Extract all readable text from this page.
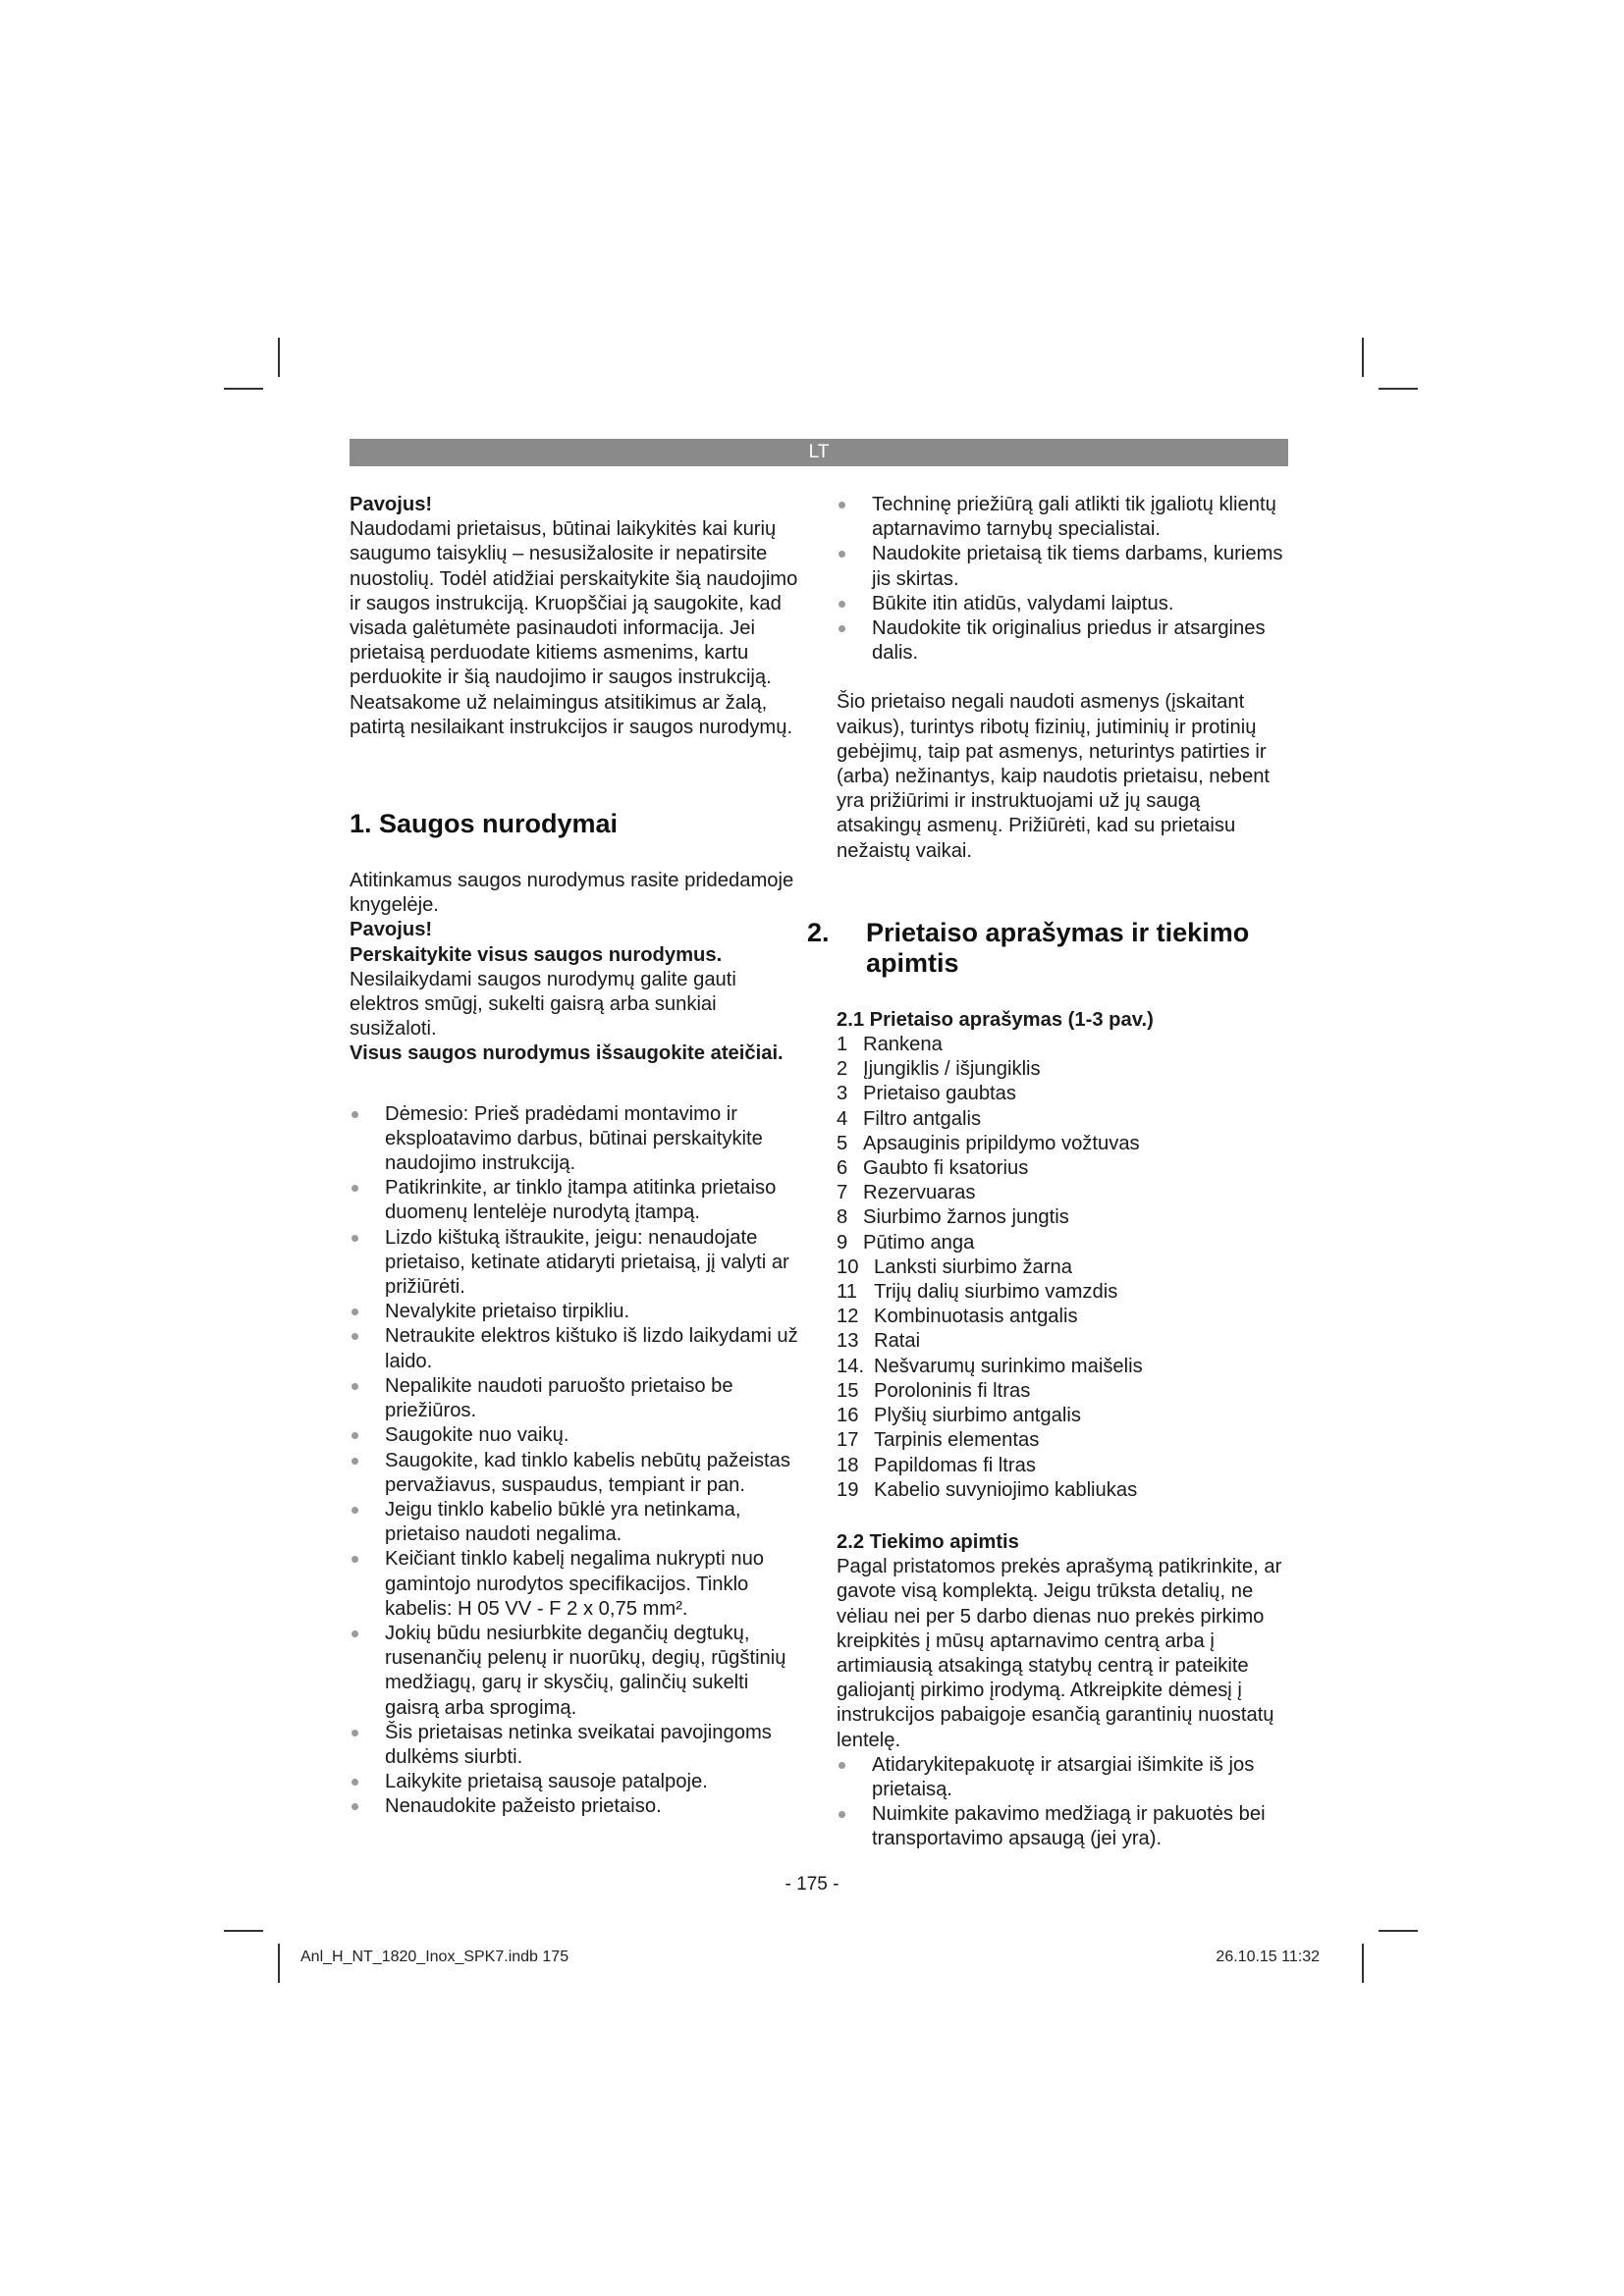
LT

Pavojus!

Naudodami prietaisus, būtinai laikykitės kai kurių saugumo taisyklių – nesusižalosite ir nepatirsite nuostolių. Todėl atidžiai perskaitykite šią naudojimo ir saugos instrukciją. Kruopščiai ją saugokite, kad visada galėtumėte pasinaudoti informacija. Jei prietaisą perduodate kitiems asmenims, kartu perduokite ir šią naudojimo ir saugos instrukciją. Neatsakome už nelaimingus atsitikimus ar žalą, patirtą nesilaikant instrukcijos ir saugos nurodymų.

1. Saugos nurodymai

Atitinkamus saugos nurodymus rasite pridedamoje knygelėje.

Pavojus!

Perskaitykite visus saugos nurodymus. Nesilaikydami saugos nurodymų galite gauti elektros smūgį, sukelti gaisrą arba sunkiai susižaloti.

Visus saugos nurodymus išsaugokite ateičiai.

Dėmesio: Prieš pradėdami montavimo ir eksploatavimo darbus, būtinai perskaitykite naudojimo instrukciją.
Patikrinkite, ar tinklo įtampa atitinka prietaiso duomenų lentelėje nurodytą įtampą.
Lizdo kištuką ištraukite, jeigu: nenaudojate prietaiso, ketinate atidaryti prietaisą, jį valyti ar prižiūrėti.
Nevalykite prietaiso tirpikliu.
Netraukite elektros kištuko iš lizdo laikydami už laido.
Nepalikite naudoti paruošto prietaiso be priežiūros.
Saugokite nuo vaikų.
Saugokite, kad tinklo kabelis nebūtų pažeistas pervažiavus, suspaudus, tempiant ir pan.
Jeigu tinklo kabelio būklė yra netinkama, prietaiso naudoti negalima.
Keičiant tinklo kabelį negalima nukrypti nuo gamintojo nurodytos specifikacijos. Tinklo kabelis: H 05 VV - F 2 x 0,75 mm².
Jokių būdu nesiurbkite degančių degtukų, rusenančių pelenų ir nuorūkų, degių, rūgštinių medžiagų, garų ir skysčių, galinčių sukelti gaisrą arba sprogimą.
Šis prietaisas netinka sveikatai pavojingoms dulkėms siurbti.
Laikykite prietaisą sausoje patalpoje.
Nenaudokite pažeisto prietaiso.
Techninę priežiūrą gali atlikti tik įgaliotų klientų aptarnavimo tarnybų specialistai.
Naudokite prietaisą tik tiems darbams, kuriems jis skirtas.
Būkite itin atidūs, valydami laiptus.
Naudokite tik originalius priedus ir atsargines dalis.

Šio prietaiso negali naudoti asmenys (įskaitant vaikus), turintys ribotų fizinių, jutiminių ir protinių gebėjimų, taip pat asmenys, neturintys patirties ir (arba) nežinantys, kaip naudotis prietaisu, nebent yra prižiūrimi ir instruktuojami už jų saugą atsakingų asmenų. Prižiūrėti, kad su prietaisu nežaistų vaikai.

2. Prietaiso aprašymas ir tiekimo apimtis
2.1 Prietaiso aprašymas (1-3 pav.)
1 Rankena
2 Įjungiklis / išjungiklis
3 Prietaiso gaubtas
4 Filtro antgalis
5 Apsauginis pripildymo vožtuvas
6 Gaubto fi ksatorius
7 Rezervuaras
8 Siurbimo žarnos jungtis
9 Pūtimo anga
10 Lanksti siurbimo žarna
11 Trijų dalių siurbimo vamzdis
12 Kombinuotasis antgalis
13 Ratai
14. Nešvarumų surinkimo maišelis
15 Poroloninis fi ltras
16 Plyšių siurbimo antgalis
17 Tarpinis elementas
18 Papildomas fi ltras
19 Kabelio suvyniojimo kabliukas
2.2 Tiekimo apimtis

Pagal pristatomos prekės aprašymą patikrinkite, ar gavote visą komplektą. Jeigu trūksta detalių, ne vėliau nei per 5 darbo dienas nuo prekės pirkimo kreipkitės į mūsų aptarnavimo centrą arba į artimiausią atsakingą statybų centrą ir pateikite galiojantį pirkimo įrodymą. Atkreipkite dėmesį į instrukcijos pabaigoje esančią garantinių nuostatų lentelę.

Atidarykitepakuotę ir atsargiai išimkite iš jos prietaisą.
Nuimkite pakavimo medžiagą ir pakuotės bei transportavimo apsaugą (jei yra).
- 175 -
Anl_H_NT_1820_Inox_SPK7.indb 175	26.10.15 11:32
